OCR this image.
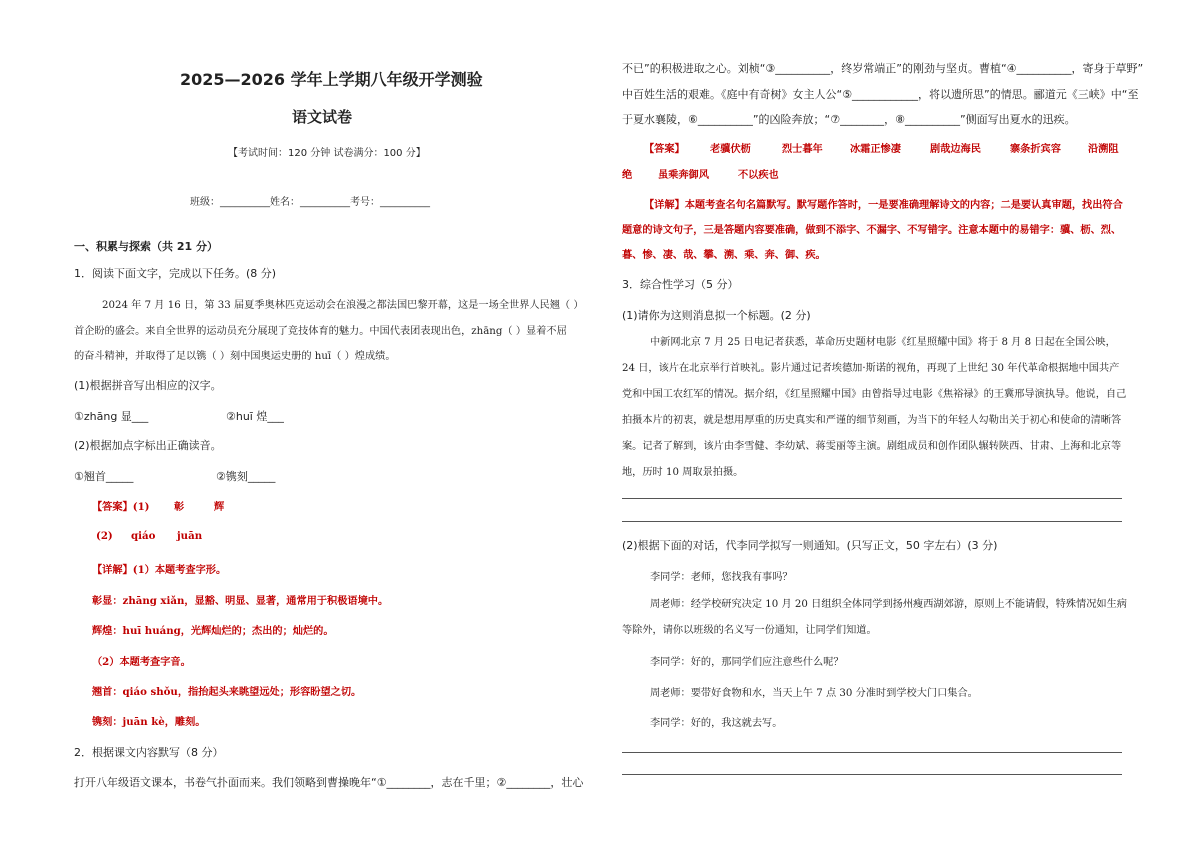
2025—2026 学年上学期八年级开学测验
语文试卷
【考试时间：120 分钟 试卷满分：100 分】
班级：__________姓名：__________考号：__________
一、积累与探索（共 21 分）
1．阅读下面文字，完成以下任务。(8 分)
2024 年 7 月 16 日，第 33 届夏季奥林匹克运动会在浪漫之都法国巴黎开幕，这是一场全世界人民翘（ ）
首企盼的盛会。来自全世界的运动员充分展现了竞技体育的魅力。中国代表团表现出色，zhāng（ ）显着不屈
的奋斗精神，并取得了足以镌（ ）刻中国奥运史册的 huī（ ）煌成绩。
(1)根据拼音写出相应的汉字。
①zhāng 显___	②huī 煌___
(2)根据加点字标出正确读音。
①翘首_____	②镌刻_____
【答案】(1) 彰	辉
(2) qiáo juān
【详解】(1）本题考查字形。
彰显：zhāng xiǎn，显豁、明显、显著，通常用于积极语境中。
辉煌：huī huáng，光辉灿烂的；杰出的；灿烂的。
（2）本题考查字音。
翘首：qiáo shǒu，指抬起头来眺望远处；形容盼望之切。
镌刻：juān kè，雕刻。
2．根据课文内容默写（8 分）
打开八年级语文课本，书卷气扑面而来。我们领略到曹操晚年“①________，志在千里；②________，壮心
不已”的积极进取之心。刘桢“③__________，终岁常端正”的刚劲与坚贞。曹植“④__________，寄身于草野”
中百姓生活的艰难。《庭中有奇树》女主人公“⑤____________，将以遗所思”的情思。郦道元《三峡》中“至
于夏水襄陵，⑥__________”的凶险奔放；“⑦________，⑧__________”侧面写出夏水的迅疾。
【答案】 老骥伏枥	烈士暮年	冰霜正惨凄	剧哉边海民	寨条折宾容	沿溯阻
绝	虽乘奔御风	不以疾也
【详解】本题考查名句名篇默写。默写题作答时，一是要准确理解诗文的内容；二是要认真审题，找出符合题意的诗文句子，三是答题内容要准确，做到不添字、不漏字、不写错字。注意本题中的易错字：骥、枥、烈、暮、惨、凄、哉、攀、溯、乘、奔、御、疾。
3．综合性学习（5 分）
(1)请你为这则消息拟一个标题。(2 分)
中新网北京 7 月 25 日电记者获悉，革命历史题材电影《红星照耀中国》将于 8 月 8 日起在全国公映，24 日，该片在北京举行首映礼。影片通过记者埃德加·斯诺的视角，再现了上世纪 30 年代革命根据地中国共产党和中国工农红军的情况。据介绍，《红星照耀中国》由曾指导过电影《焦裕禄》的王冀邢导演执导。他说，自己拍摄本片的初衷，就是想用厚重的历史真实和严谨的细节刻画，为当下的年轻人勾勒出关于初心和使命的清晰答案。记者了解到，该片由李雪健、李幼斌、蒋雯丽等主演。剧组成员和创作团队辗转陕西、甘肃、上海和北京等地，历时 10 周取景拍摄。
(2)根据下面的对话，代李同学拟写一则通知。(只写正文，50 字左右）(3 分)
李同学：老师，您找我有事吗？
周老师：经学校研究决定 10 月 20 日组织全体同学到扬州瘦西湖郊游，原则上不能请假，特殊情况如生病等除外，请你以班级的名义写一份通知，让同学们知道。
李同学：好的，那同学们应注意些什么呢？
周老师：要带好食物和水，当天上午 7 点 30 分准时到学校大门口集合。
李同学：好的，我这就去写。
